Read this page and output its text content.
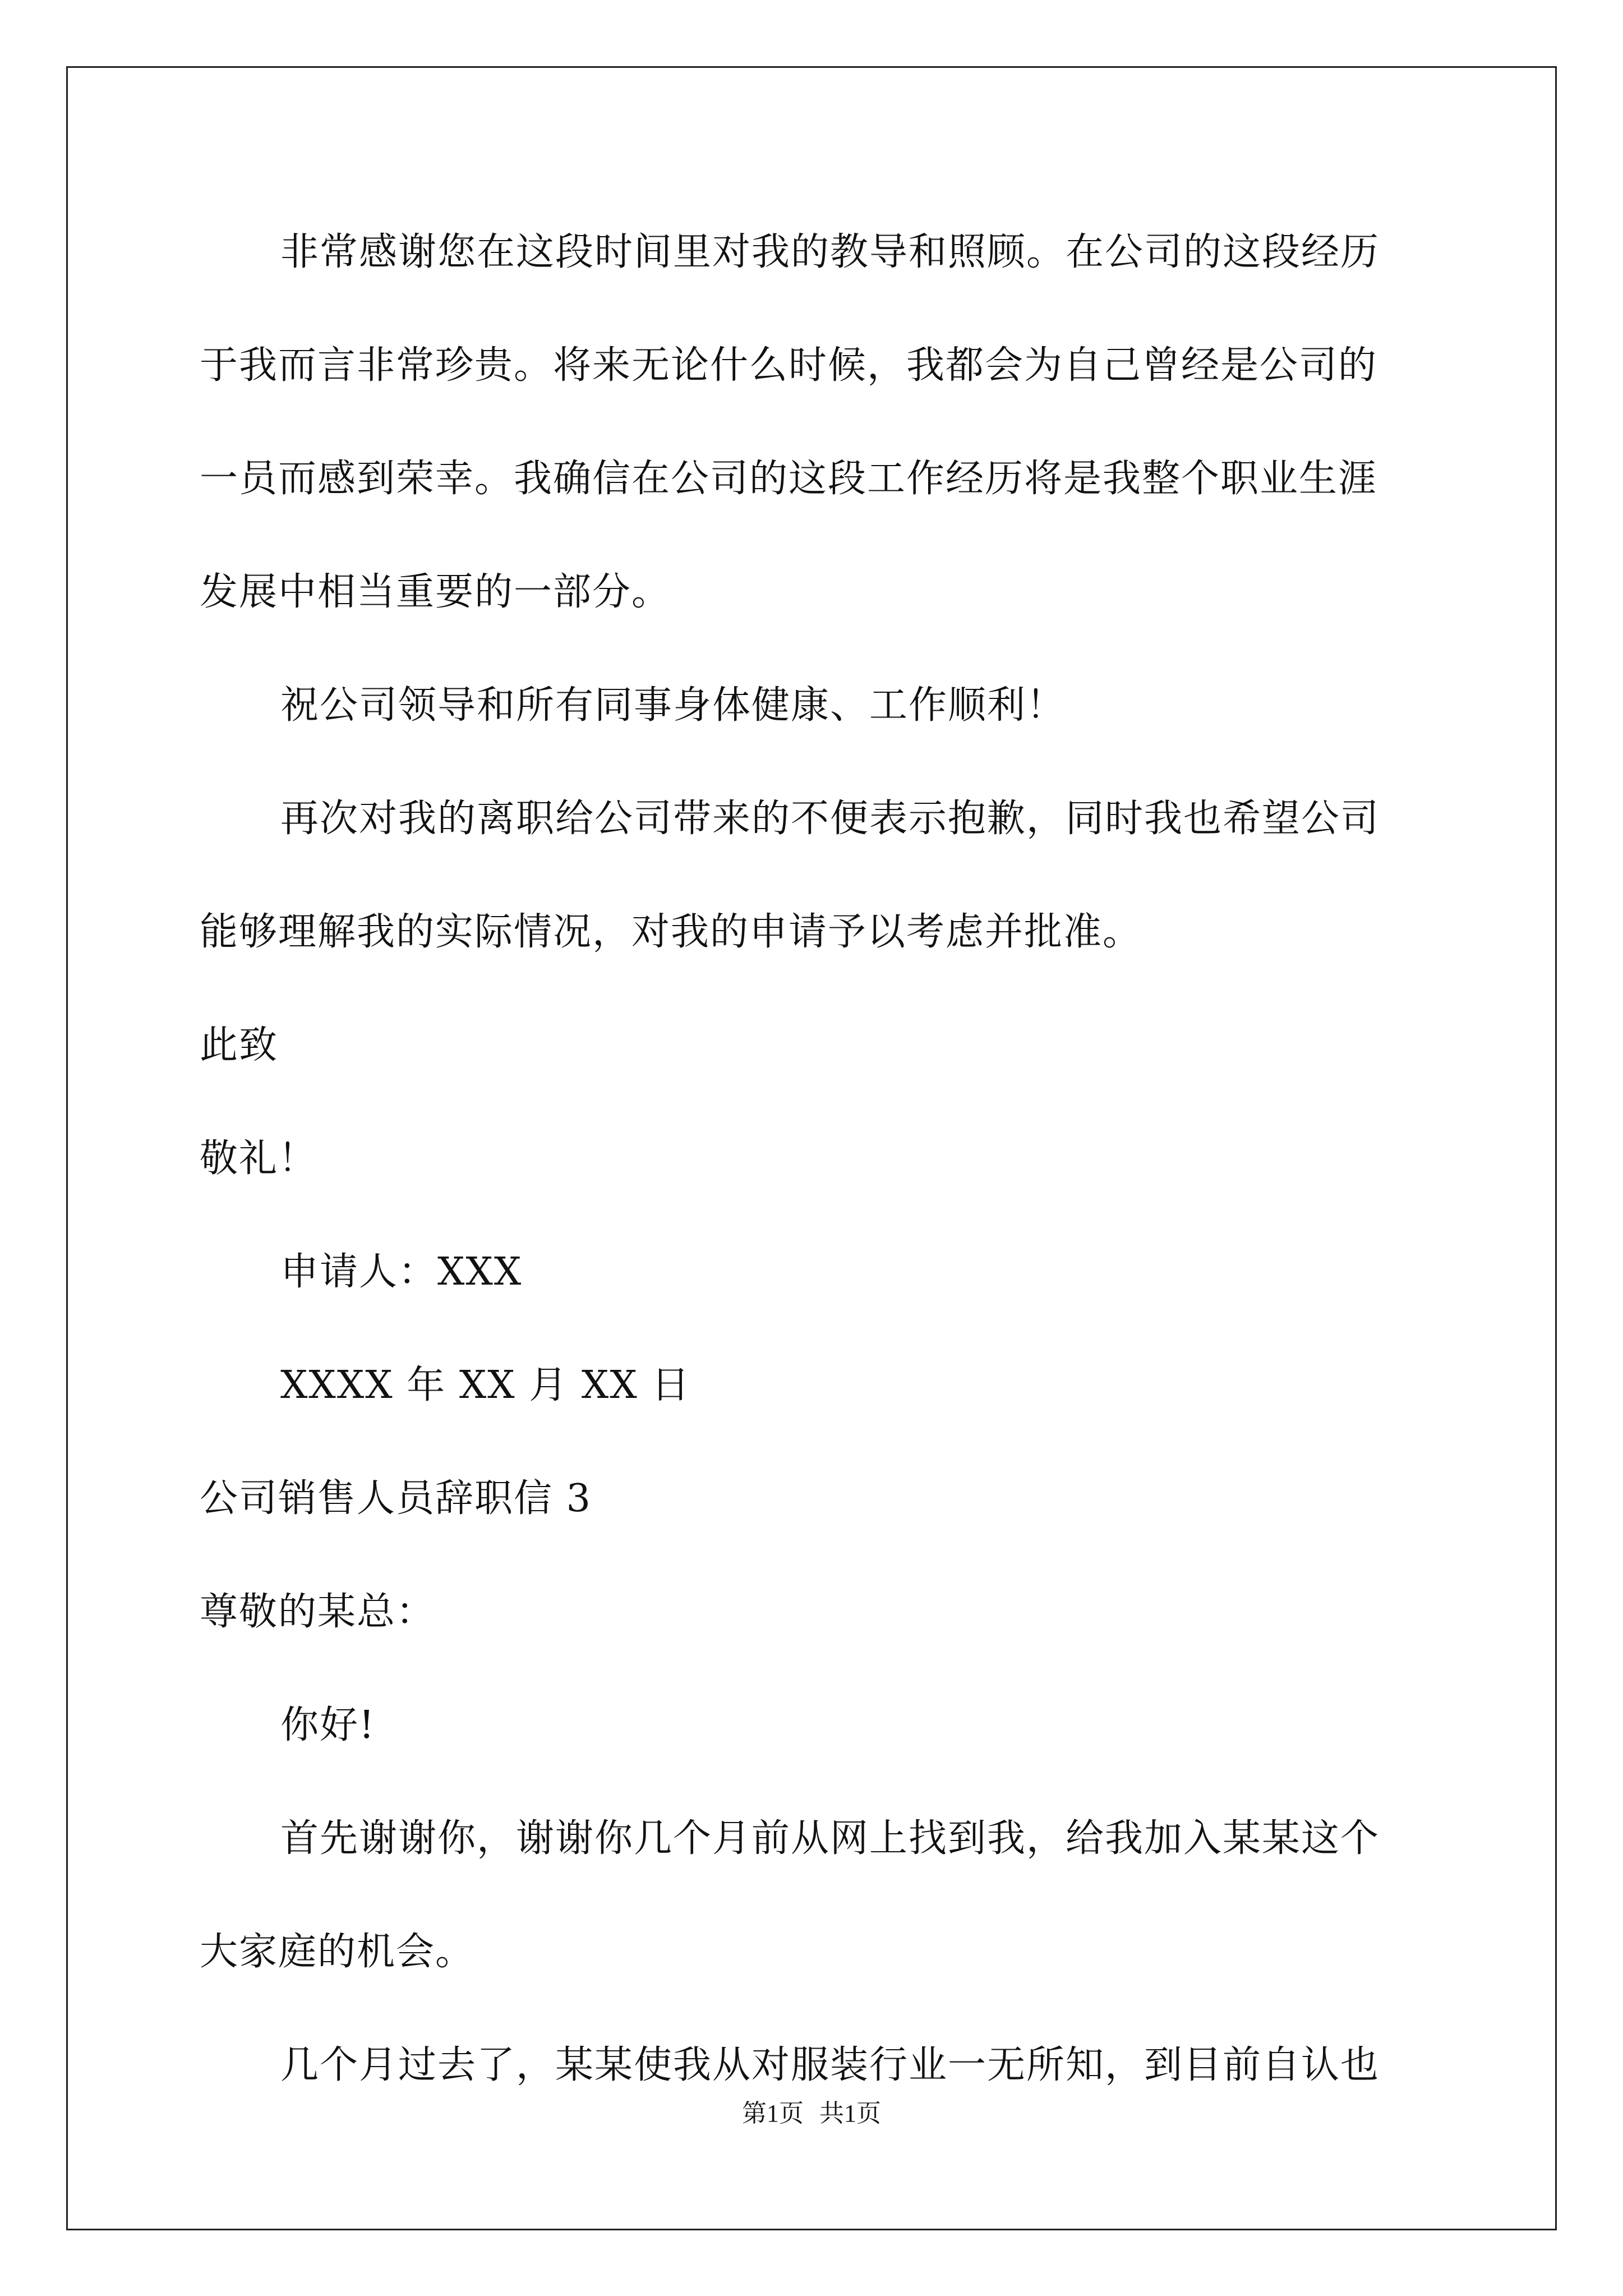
非常感谢您在这段时间里对我的教导和照顾。在公司的这段经历
于我而言非常珍贵。将来无论什么时候，我都会为自己曾经是公司的
一员而感到荣幸。我确信在公司的这段工作经历将是我整个职业生涯
发展中相当重要的一部分。
祝公司领导和所有同事身体健康、工作顺利！
再次对我的离职给公司带来的不便表示抱歉，同时我也希望公司
能够理解我的实际情况，对我的申请予以考虑并批准。
此致
敬礼！
申请人：XXX
XXXX 年 XX 月 XX 日
公司销售人员辞职信 3
尊敬的某总：
你好!
首先谢谢你，谢谢你几个月前从网上找到我，给我加入某某这个
大家庭的机会。
几个月过去了，某某使我从对服装行业一无所知，到目前自认也
第1页 共1页
